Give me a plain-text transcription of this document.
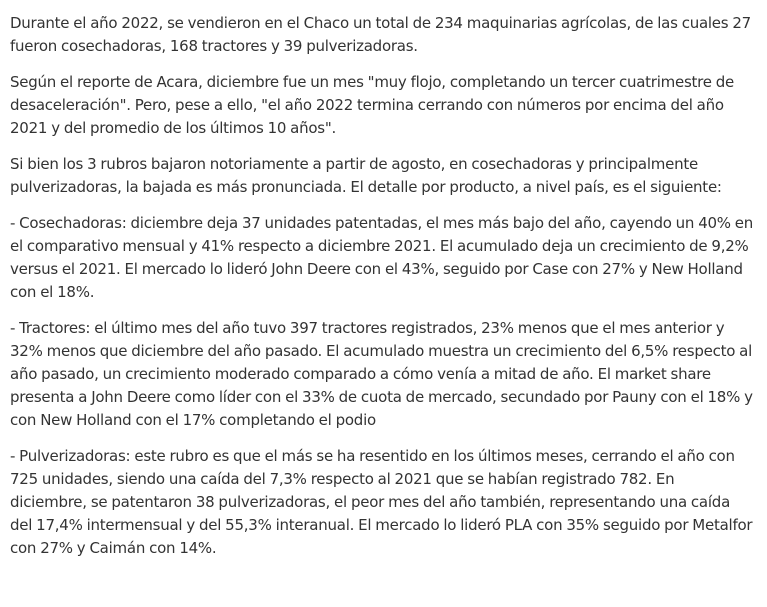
Durante el año 2022, se vendieron en el Chaco un total de 234 maquinarias agrícolas, de las cuales 27 fueron cosechadoras, 168 tractores y 39 pulverizadoras.

Según el reporte de Acara, diciembre fue un mes "muy flojo, completando un tercer cuatrimestre de desaceleración". Pero, pese a ello, "el año 2022 termina cerrando con números por encima del año 2021 y del promedio de los últimos 10 años".

Si bien los 3 rubros bajaron notoriamente a partir de agosto, en cosechadoras y principalmente pulverizadoras, la bajada es más pronunciada. El detalle por producto, a nivel país, es el siguiente:

- Cosechadoras: diciembre deja 37 unidades patentadas, el mes más bajo del año, cayendo un 40% en el comparativo mensual y 41% respecto a diciembre 2021. El acumulado deja un crecimiento de 9,2% versus el 2021. El mercado lo lideró John Deere con el 43%, seguido por Case con 27% y New Holland con el 18%.

- Tractores: el último mes del año tuvo 397 tractores registrados, 23% menos que el mes anterior y 32% menos que diciembre del año pasado. El acumulado muestra un crecimiento del 6,5% respecto al año pasado, un crecimiento moderado comparado a cómo venía a mitad de año. El market share presenta a John Deere como líder con el 33% de cuota de mercado, secundado por Pauny con el 18% y con New Holland con el 17% completando el podio

- Pulverizadoras: este rubro es que el más se ha resentido en los últimos meses, cerrando el año con 725 unidades, siendo una caída del 7,3% respecto al 2021 que se habían registrado 782. En diciembre, se patentaron 38 pulverizadoras, el peor mes del año también, representando una caída del 17,4% intermensual y del 55,3% interanual. El mercado lo lideró PLA con 35% seguido por Metalfor con 27% y Caimán con 14%.
